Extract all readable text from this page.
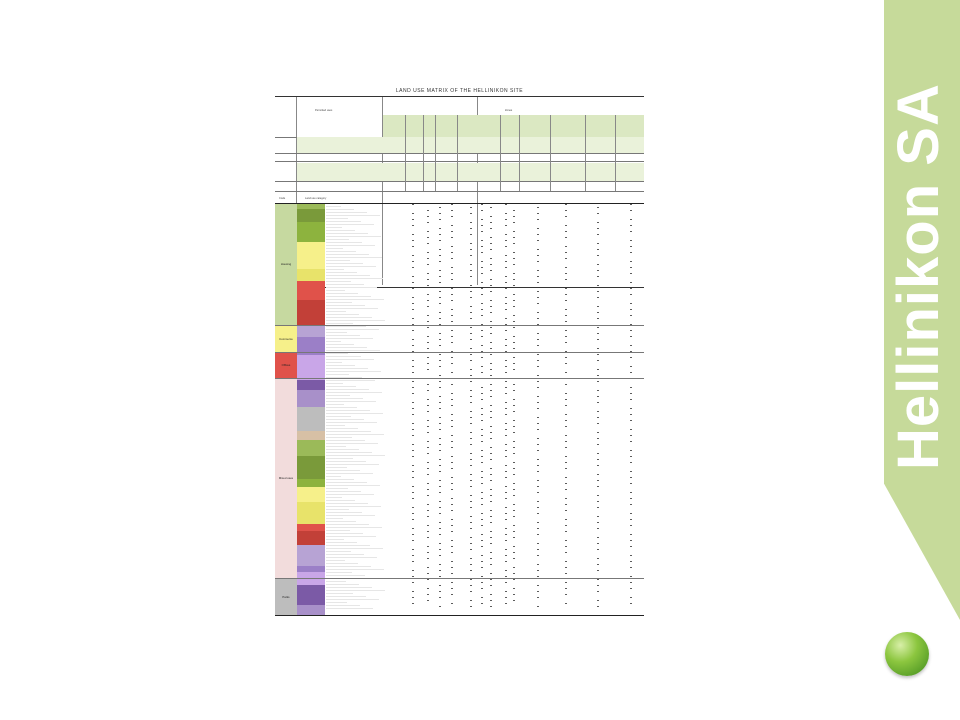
Hellinikon SA
LAND USE MATRIX OF THE HELLINIKON SITE
Code	Land use category
Permitted uses	Zones
Housing
Commerce
Offices
Mixed uses
Parks
